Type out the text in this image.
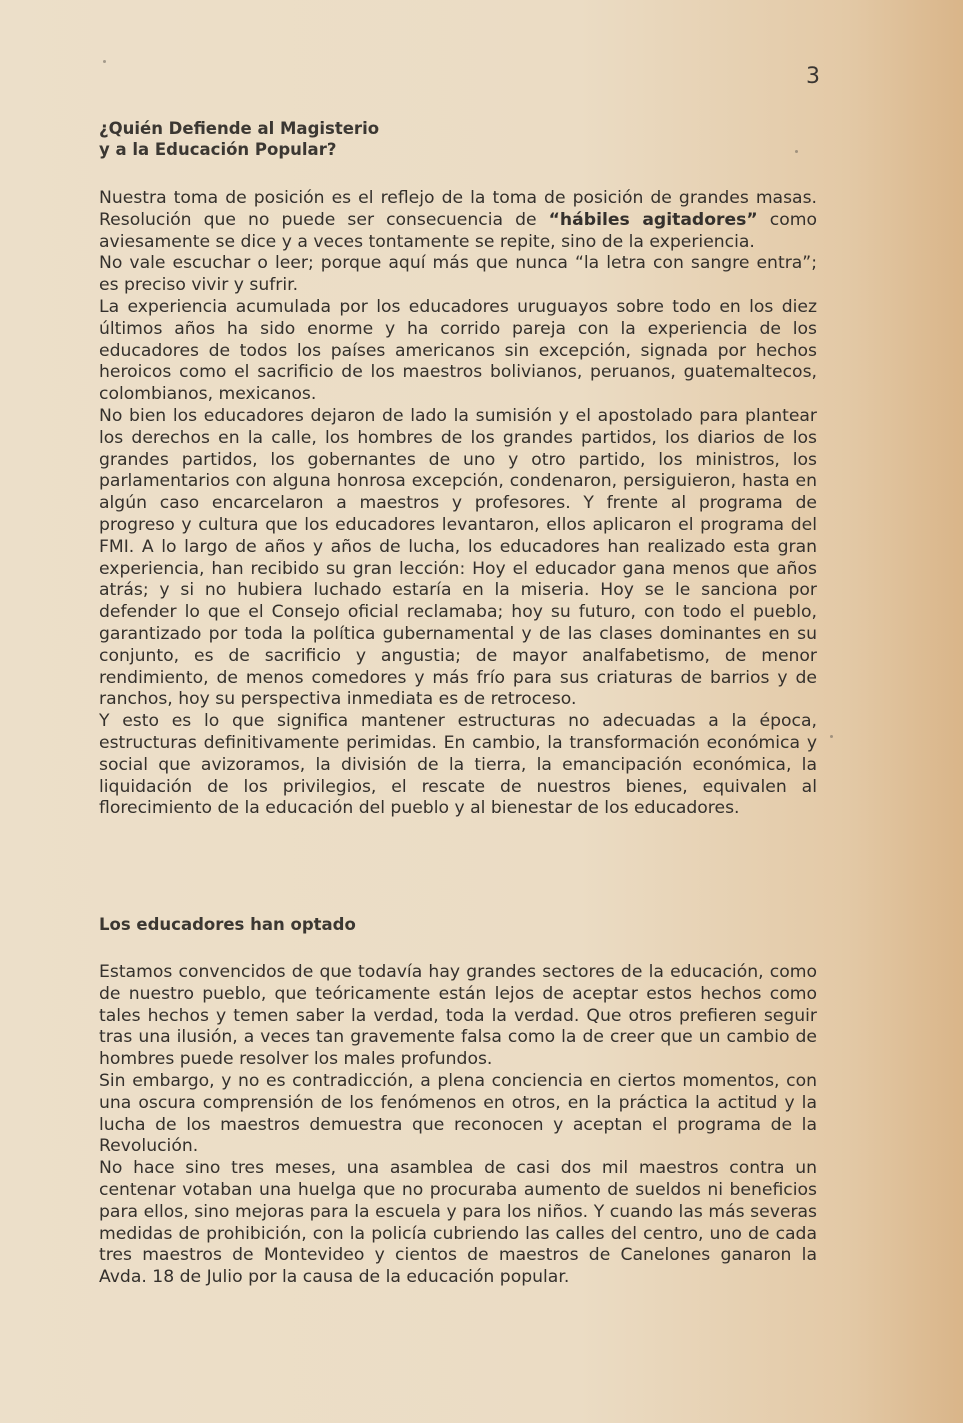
3
¿Quién Defiende al Magisterio
y a la Educación Popular?

Nuestra toma de posición es el reflejo de la toma de posición de grandes masas. Resolución que no puede ser consecuencia de “hábiles agitadores” como aviesamente se dice y a veces tontamente se repite, sino de la experiencia.

No vale escuchar o leer; porque aquí más que nunca “la letra con sangre entra”; es preciso vivir y sufrir.

La experiencia acumulada por los educadores uruguayos sobre todo en los diez últimos años ha sido enorme y ha corrido pareja con la experiencia de los educadores de todos los países americanos sin excepción, signada por hechos heroicos como el sacrificio de los maestros bolivianos, peruanos, guatemaltecos, colombianos, mexicanos.

No bien los educadores dejaron de lado la sumisión y el apostolado para plantear los derechos en la calle, los hombres de los grandes partidos, los diarios de los grandes partidos, los gobernantes de uno y otro partido, los ministros, los parlamentarios con alguna honrosa excepción, condenaron, persiguieron, hasta en algún caso encarcelaron a maestros y profesores. Y frente al programa de progreso y cultura que los educadores levantaron, ellos aplicaron el programa del FMI. A lo largo de años y años de lucha, los educadores han realizado esta gran experiencia, han recibido su gran lección: Hoy el educador gana menos que años atrás; y si no hubiera luchado estaría en la miseria. Hoy se le sanciona por defender lo que el Consejo oficial reclamaba; hoy su futuro, con todo el pueblo, garantizado por toda la política gubernamental y de las clases dominantes en su conjunto, es de sacrificio y angustia; de mayor analfabetismo, de menor rendimiento, de menos comedores y más frío para sus criaturas de barrios y de ranchos, hoy su perspectiva inmediata es de retroceso.

Y esto es lo que significa mantener estructuras no adecuadas a la época, estructuras definitivamente perimidas. En cambio, la transformación económica y social que avizoramos, la división de la tierra, la emancipación económica, la liquidación de los privilegios, el rescate de nuestros bienes, equivalen al florecimiento de la educación del pueblo y al bienestar de los educadores.

Los educadores han optado

Estamos convencidos de que todavía hay grandes sectores de la educación, como de nuestro pueblo, que teóricamente están lejos de aceptar estos hechos como tales hechos y temen saber la verdad, toda la verdad. Que otros prefieren seguir tras una ilusión, a veces tan gravemente falsa como la de creer que un cambio de hombres puede resolver los males profundos.

Sin embargo, y no es contradicción, a plena conciencia en ciertos momentos, con una oscura comprensión de los fenómenos en otros, en la práctica la actitud y la lucha de los maestros demuestra que reconocen y aceptan el programa de la Revolución.

No hace sino tres meses, una asamblea de casi dos mil maestros contra un centenar votaban una huelga que no procuraba aumento de sueldos ni beneficios para ellos, sino mejoras para la escuela y para los niños. Y cuando las más severas medidas de prohibición, con la policía cubriendo las calles del centro, uno de cada tres maestros de Montevideo y cientos de maestros de Canelones ganaron la Avda. 18 de Julio por la causa de la educación popular.
